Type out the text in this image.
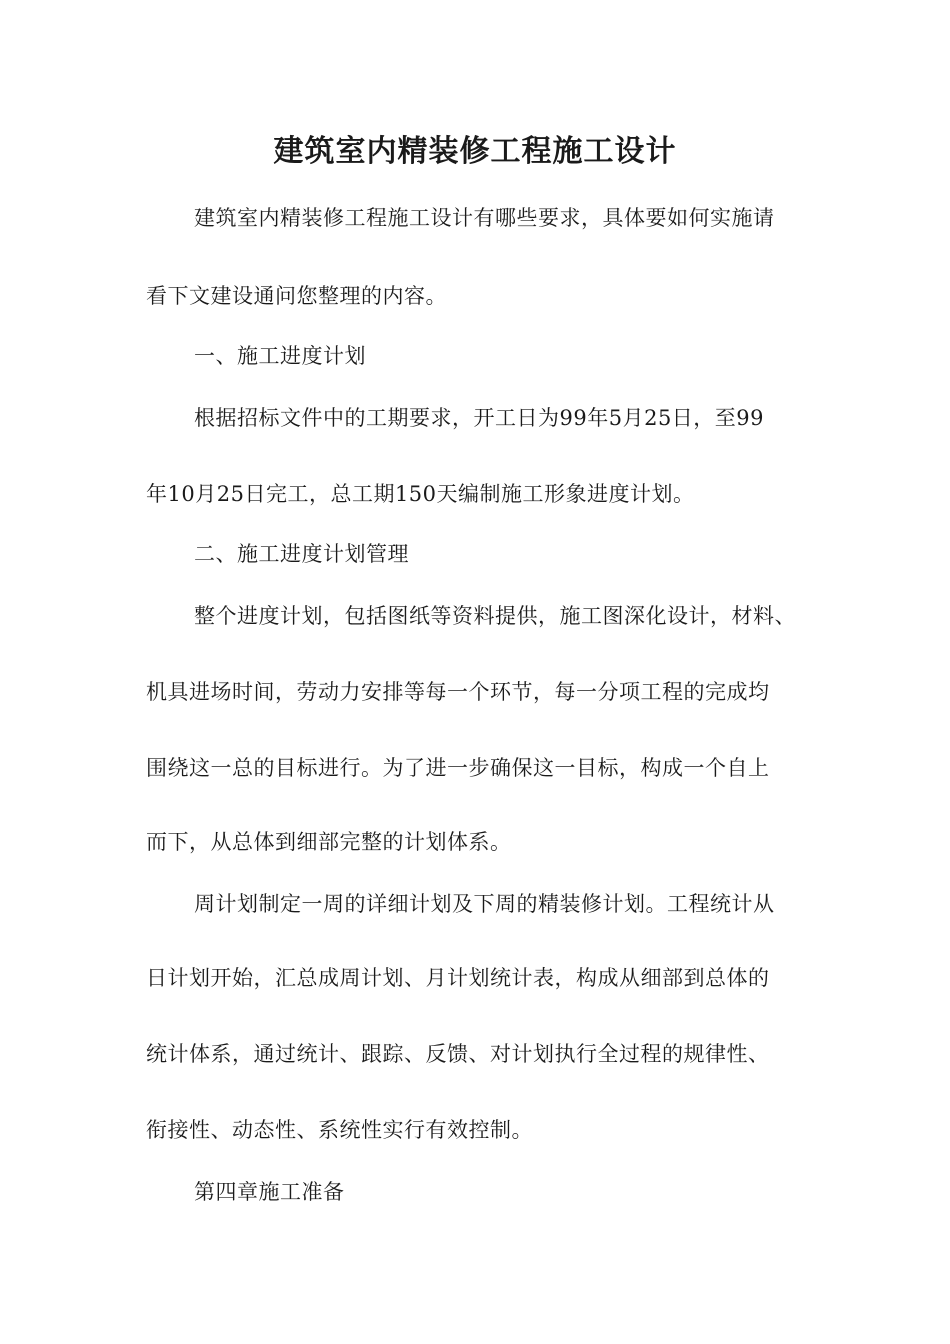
建筑室内精装修工程施工设计
建筑室内精装修工程施工设计有哪些要求，具体要如何实施请
看下文建设通问您整理的内容。
一、施工进度计划
根据招标文件中的工期要求，开工日为99年5月25日，至99
年10月25日完工，总工期150天编制施工形象进度计划。
二、施工进度计划管理
整个进度计划，包括图纸等资料提供，施工图深化设计，材料、
机具进场时间，劳动力安排等每一个环节，每一分项工程的完成均
围绕这一总的目标进行。为了进一步确保这一目标，构成一个自上
而下，从总体到细部完整的计划体系。
周计划制定一周的详细计划及下周的精装修计划。工程统计从
日计划开始，汇总成周计划、月计划统计表，构成从细部到总体的
统计体系，通过统计、跟踪、反馈、对计划执行全过程的规律性、
衔接性、动态性、系统性实行有效控制。
第四章施工准备
